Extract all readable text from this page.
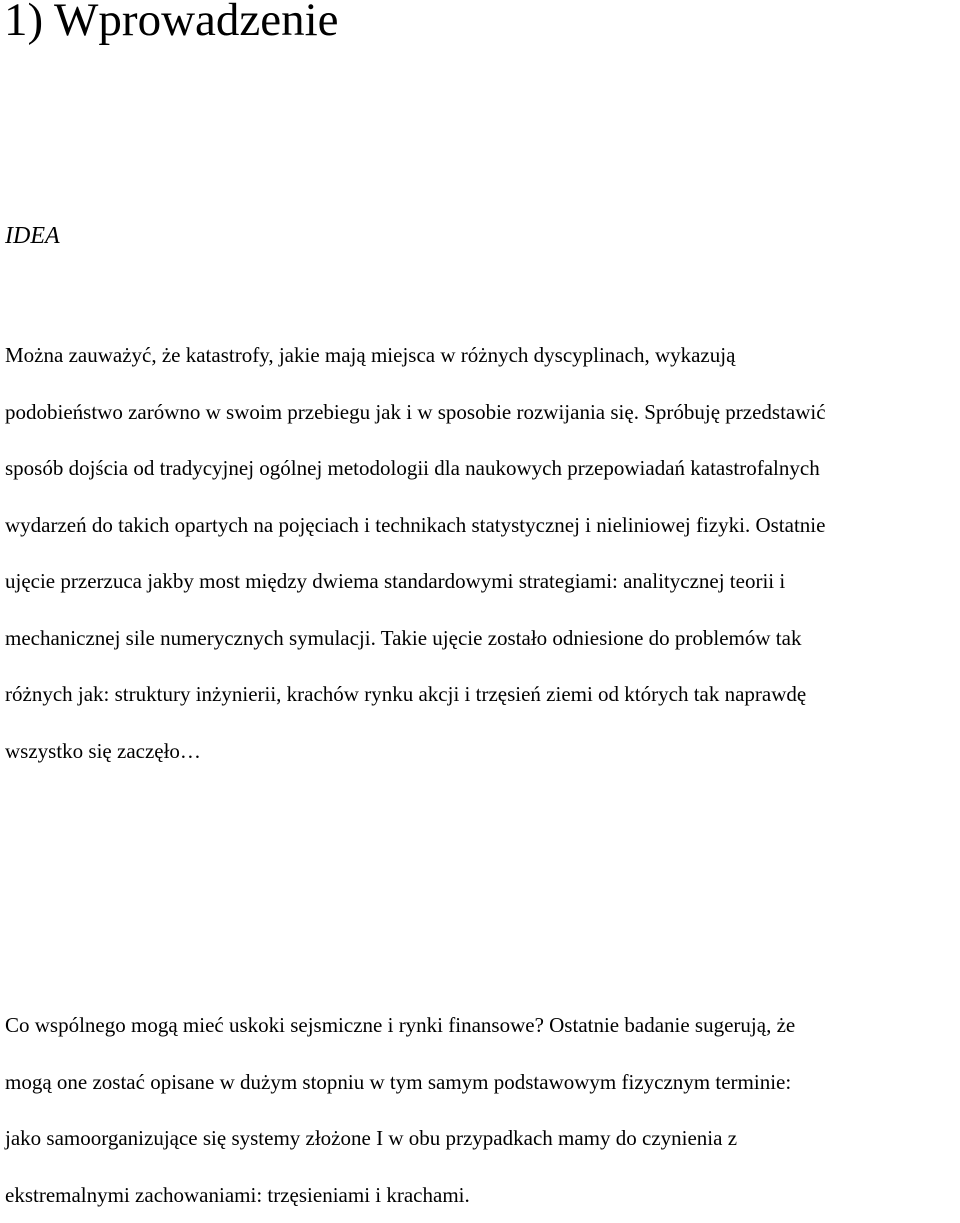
1) Wprowadzenie

IDEA

Można zauważyć, że katastrofy, jakie mają miejsca w różnych dyscyplinach, wykazują
podobieństwo zarówno w swoim przebiegu jak i w sposobie rozwijania się. Spróbuję przedstawić
sposób dojścia od tradycyjnej ogólnej metodologii dla naukowych przepowiadań katastrofalnych
wydarzeń do takich opartych na pojęciach i technikach statystycznej i nieliniowej fizyki. Ostatnie
ujęcie przerzuca jakby most między dwiema standardowymi strategiami: analitycznej teorii i
mechanicznej sile numerycznych symulacji. Takie ujęcie zostało odniesione do problemów tak
różnych jak: struktury inżynierii, krachów rynku akcji i trzęsień ziemi od których tak naprawdę
wszystko się zaczęło…
Co wspólnego mogą mieć uskoki sejsmiczne i rynki finansowe? Ostatnie badanie sugerują, że
mogą one zostać opisane w dużym stopniu w tym samym podstawowym fizycznym terminie:
jako samoorganizujące się systemy złożone I w obu przypadkach mamy do czynienia z
ekstremalnymi zachowaniami: trzęsieniami i krachami.
